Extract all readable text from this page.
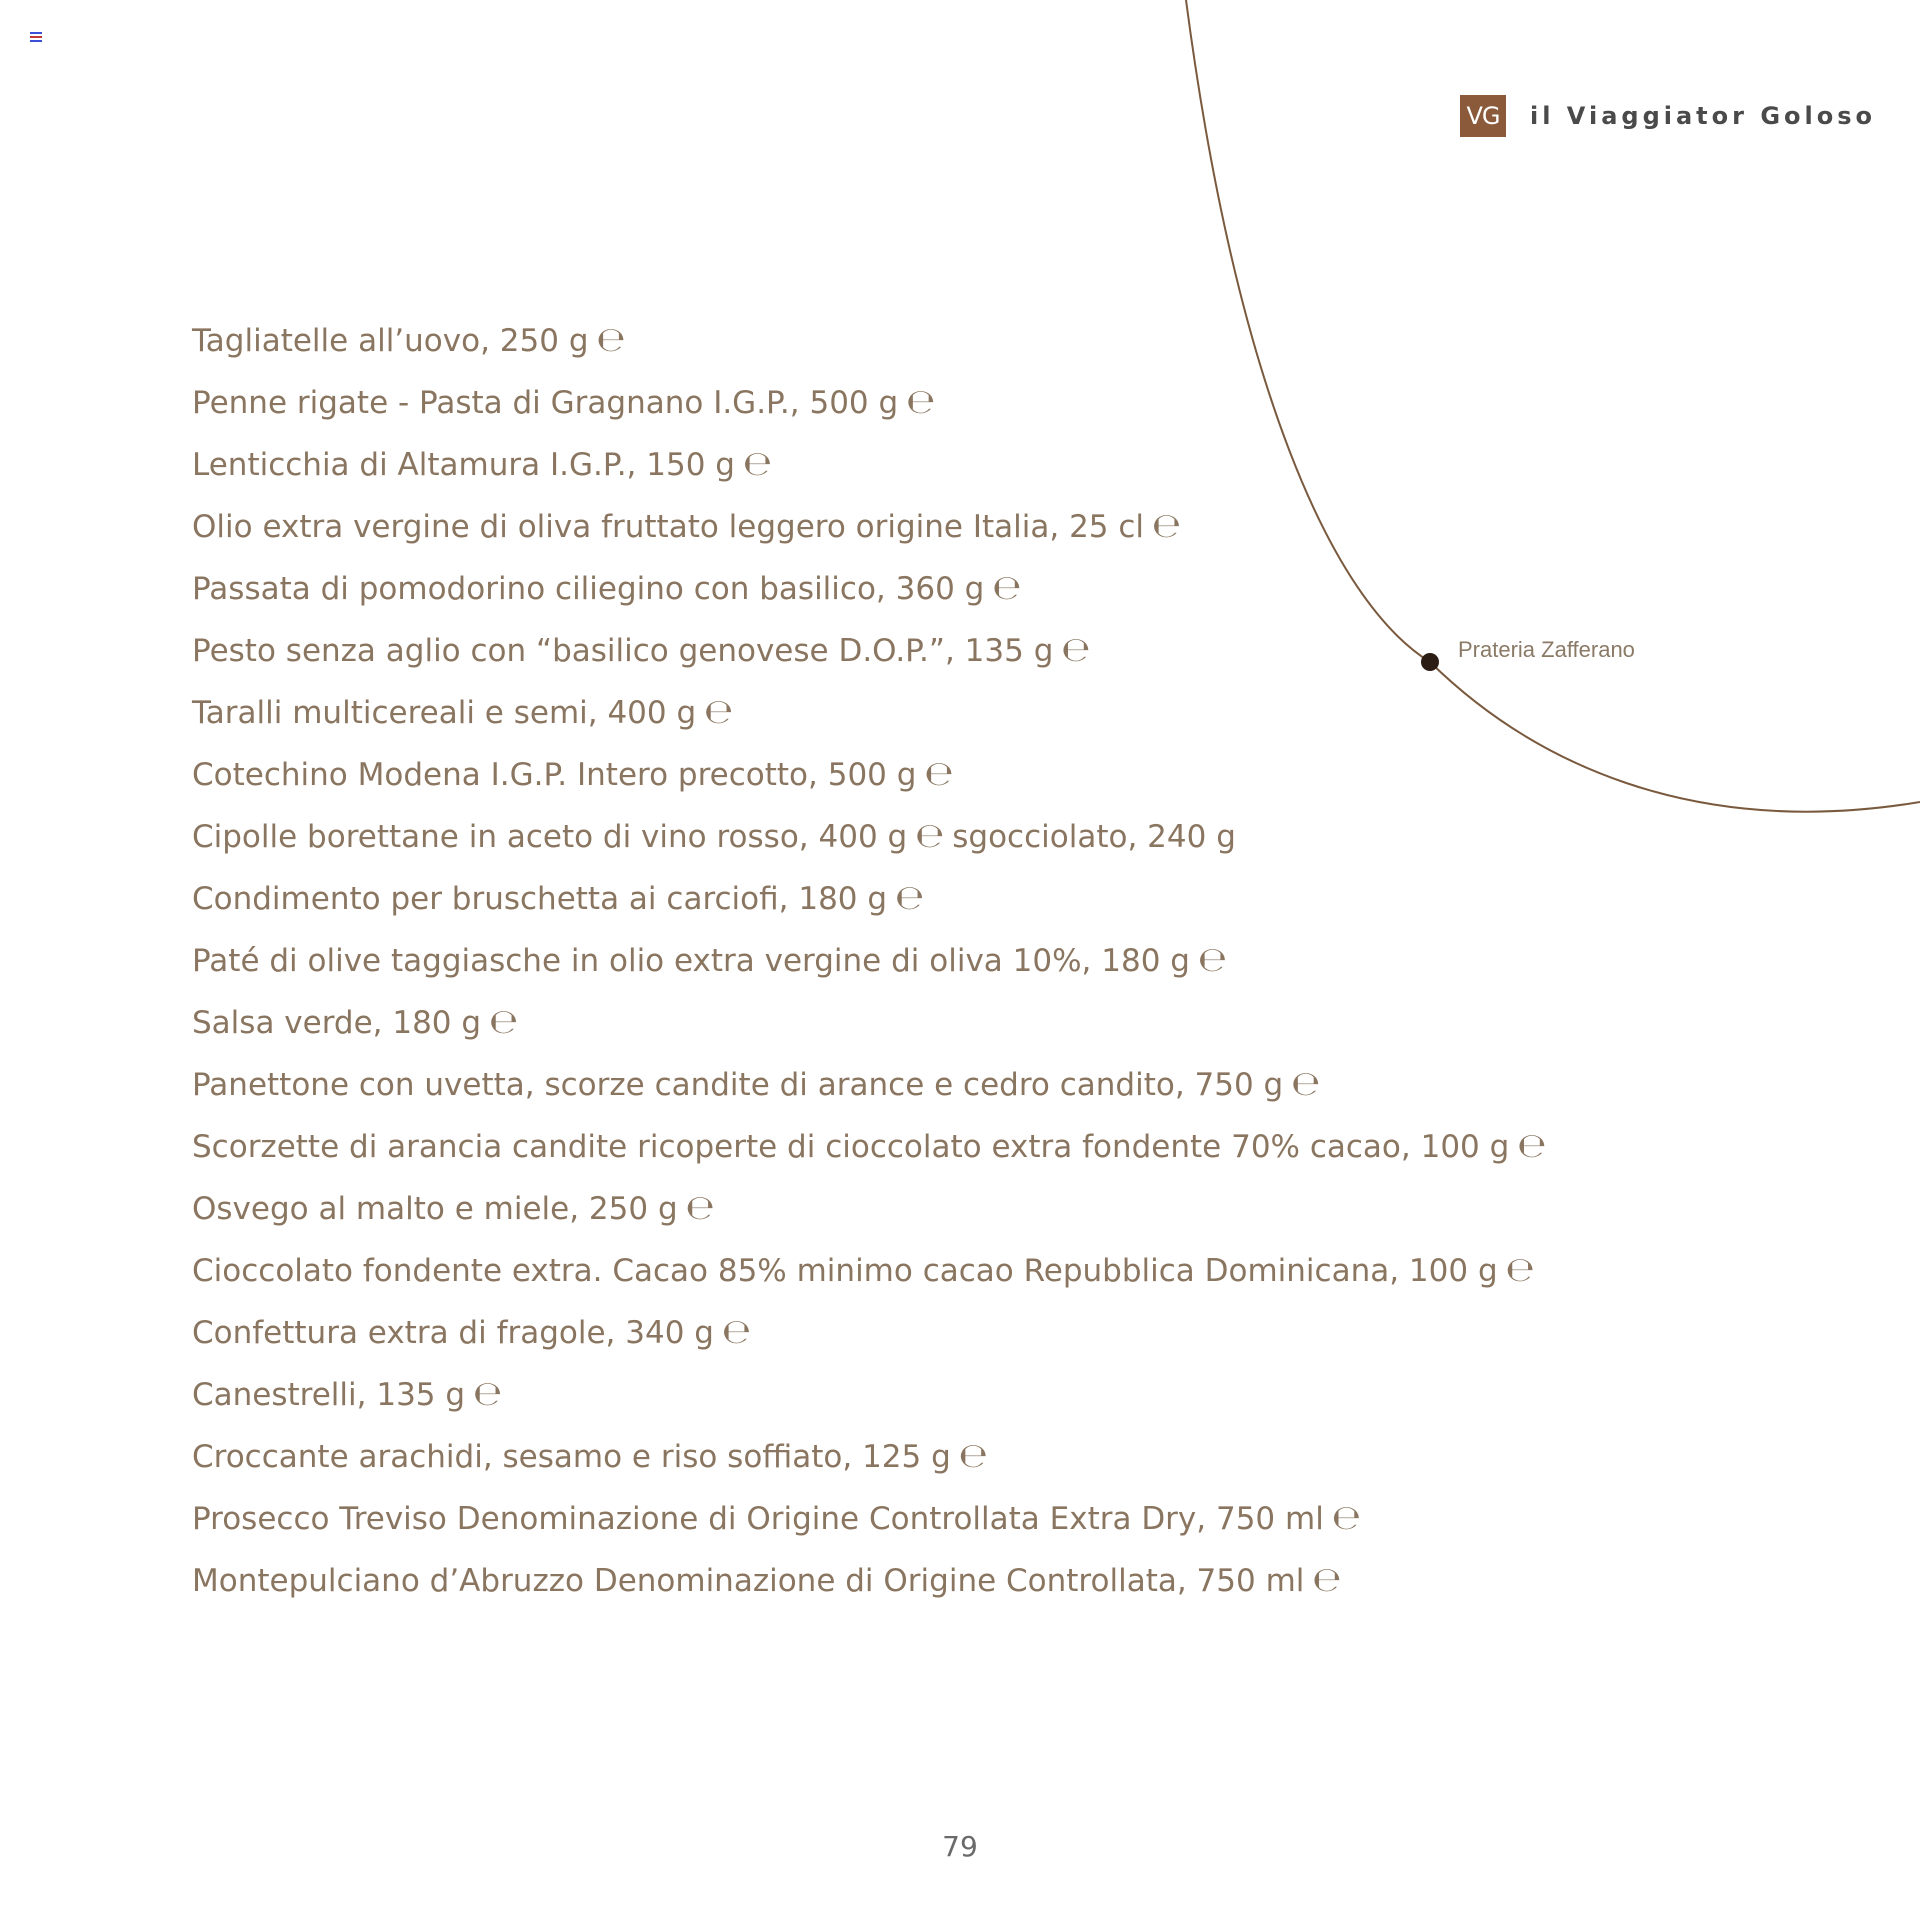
VG il Viaggiator Goloso
Prateria Zafferano
Tagliatelle all’uovo, 250 g ℮
Penne rigate - Pasta di Gragnano I.G.P., 500 g ℮
Lenticchia di Altamura I.G.P., 150 g ℮
Olio extra vergine di oliva fruttato leggero origine Italia, 25 cl ℮
Passata di pomodorino ciliegino con basilico, 360 g ℮
Pesto senza aglio con “basilico genovese D.O.P.”, 135 g ℮
Taralli multicereali e semi, 400 g ℮
Cotechino Modena I.G.P. Intero precotto, 500 g ℮
Cipolle borettane in aceto di vino rosso, 400 g ℮ sgocciolato, 240 g
Condimento per bruschetta ai carciofi, 180 g ℮
Paté di olive taggiasche in olio extra vergine di oliva 10%, 180 g ℮
Salsa verde, 180 g ℮
Panettone con uvetta, scorze candite di arance e cedro candito, 750 g ℮
Scorzette di arancia candite ricoperte di cioccolato extra fondente 70% cacao, 100 g ℮
Osvego al malto e miele, 250 g ℮
Cioccolato fondente extra. Cacao 85% minimo cacao Repubblica Dominicana, 100 g ℮
Confettura extra di fragole, 340 g ℮
Canestrelli, 135 g ℮
Croccante arachidi, sesamo e riso soffiato, 125 g ℮
Prosecco Treviso Denominazione di Origine Controllata Extra Dry, 750 ml ℮
Montepulciano d’Abruzzo Denominazione di Origine Controllata, 750 ml ℮
79
